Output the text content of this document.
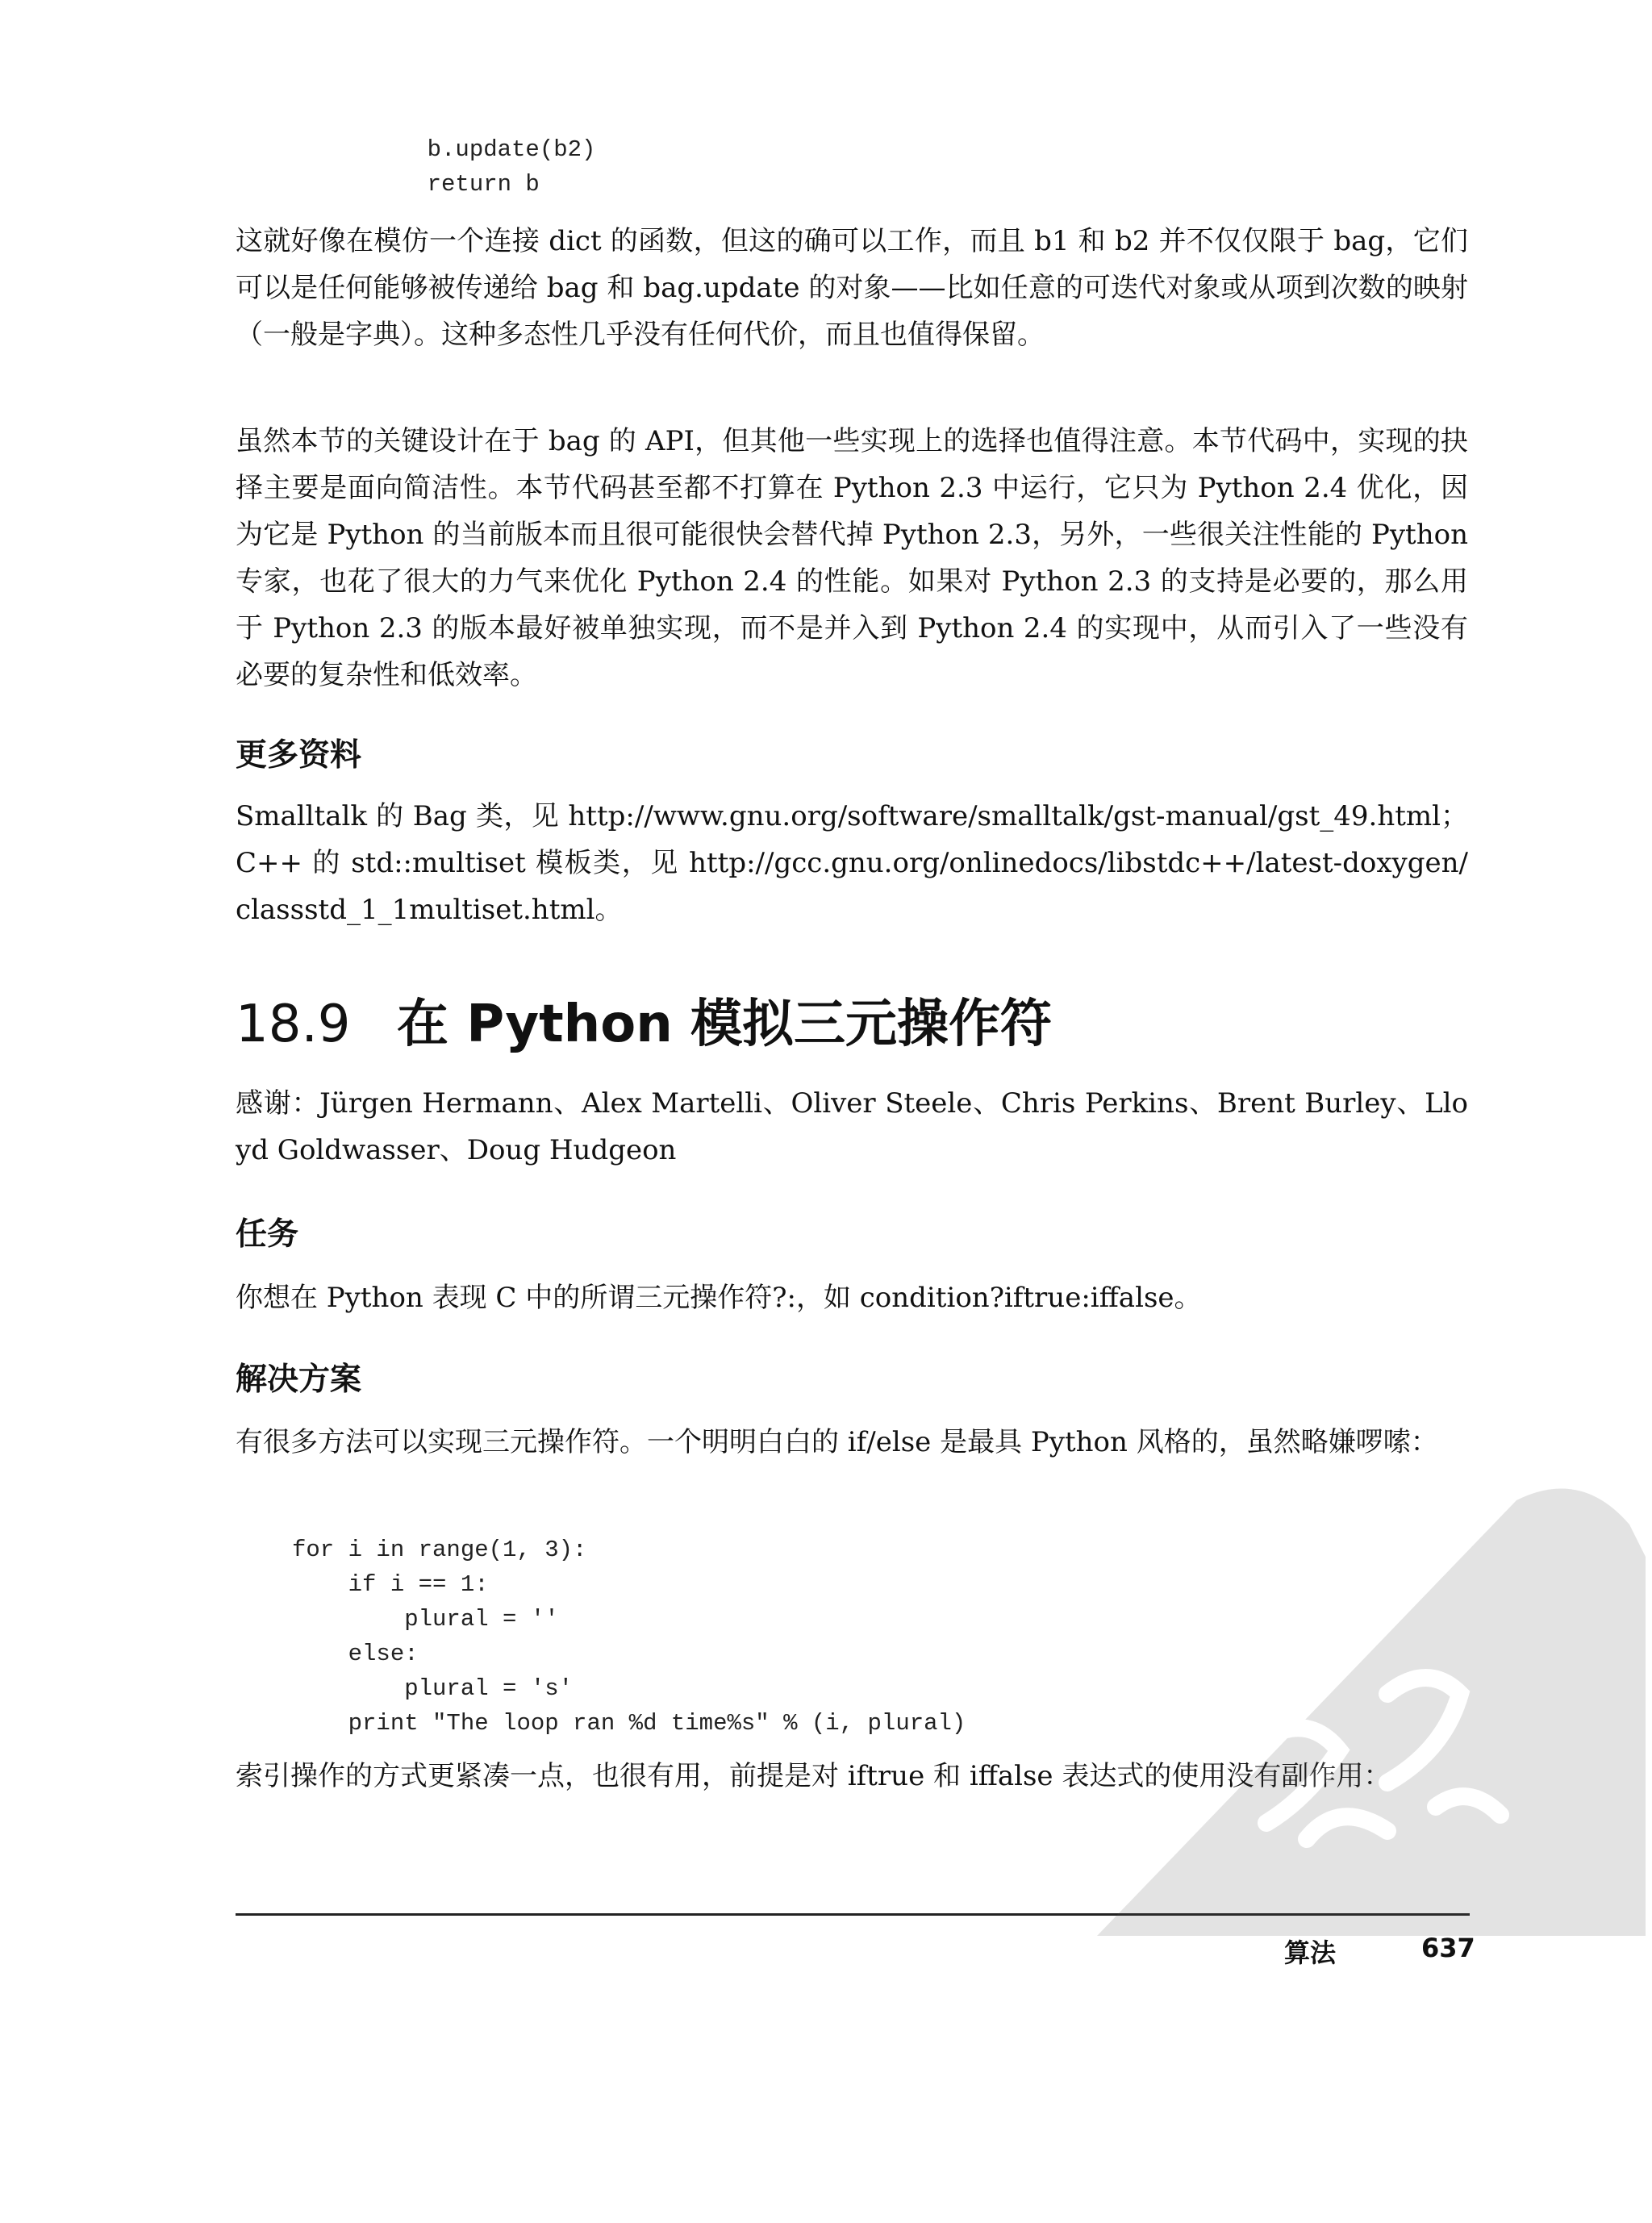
b.update(b2)
return b

这就好像在模仿一个连接 dict 的函数，但这的确可以工作，而且 b1 和 b2 并不仅仅限于 bag，它们可以是任何能够被传递给 bag 和 bag.update 的对象——比如任意的可迭代对象或从项到次数的映射（一般是字典）。这种多态性几乎没有任何代价，而且也值得保留。

虽然本节的关键设计在于 bag 的 API，但其他一些实现上的选择也值得注意。本节代码中，实现的抉择主要是面向简洁性。本节代码甚至都不打算在 Python 2.3 中运行，它只为 Python 2.4 优化，因为它是 Python 的当前版本而且很可能很快会替代掉 Python 2.3，另外，一些很关注性能的 Python 专家，也花了很大的力气来优化 Python 2.4 的性能。如果对 Python 2.3 的支持是必要的，那么用于 Python 2.3 的版本最好被单独实现，而不是并入到 Python 2.4 的实现中，从而引入了一些没有必要的复杂性和低效率。

更多资料

Smalltalk 的 Bag 类，见 http://www.gnu.org/software/smalltalk/gst-manual/gst_49.html；C++ 的 std::multiset 模板类，见 http://gcc.gnu.org/onlinedocs/libstdc++/latest-doxygen/classstd_1_1multiset.html。

18.9 在 Python 模拟三元操作符

感谢：Jürgen Hermann、Alex Martelli、Oliver Steele、Chris Perkins、Brent Burley、Lloyd Goldwasser、Doug Hudgeon

任务

你想在 Python 表现 C 中的所谓三元操作符?:，如 condition?iftrue:iffalse。

解决方案

有很多方法可以实现三元操作符。一个明明白白的 if/else 是最具 Python 风格的，虽然略嫌啰嗦：

for i in range(1, 3):
if i == 1:
plural = ''
else:
plural = 's'
print "The loop ran %d time%s" % (i, plural)

索引操作的方式更紧凑一点，也很有用，前提是对 iftrue 和 iffalse 表达式的使用没有副作用：

算法	637
